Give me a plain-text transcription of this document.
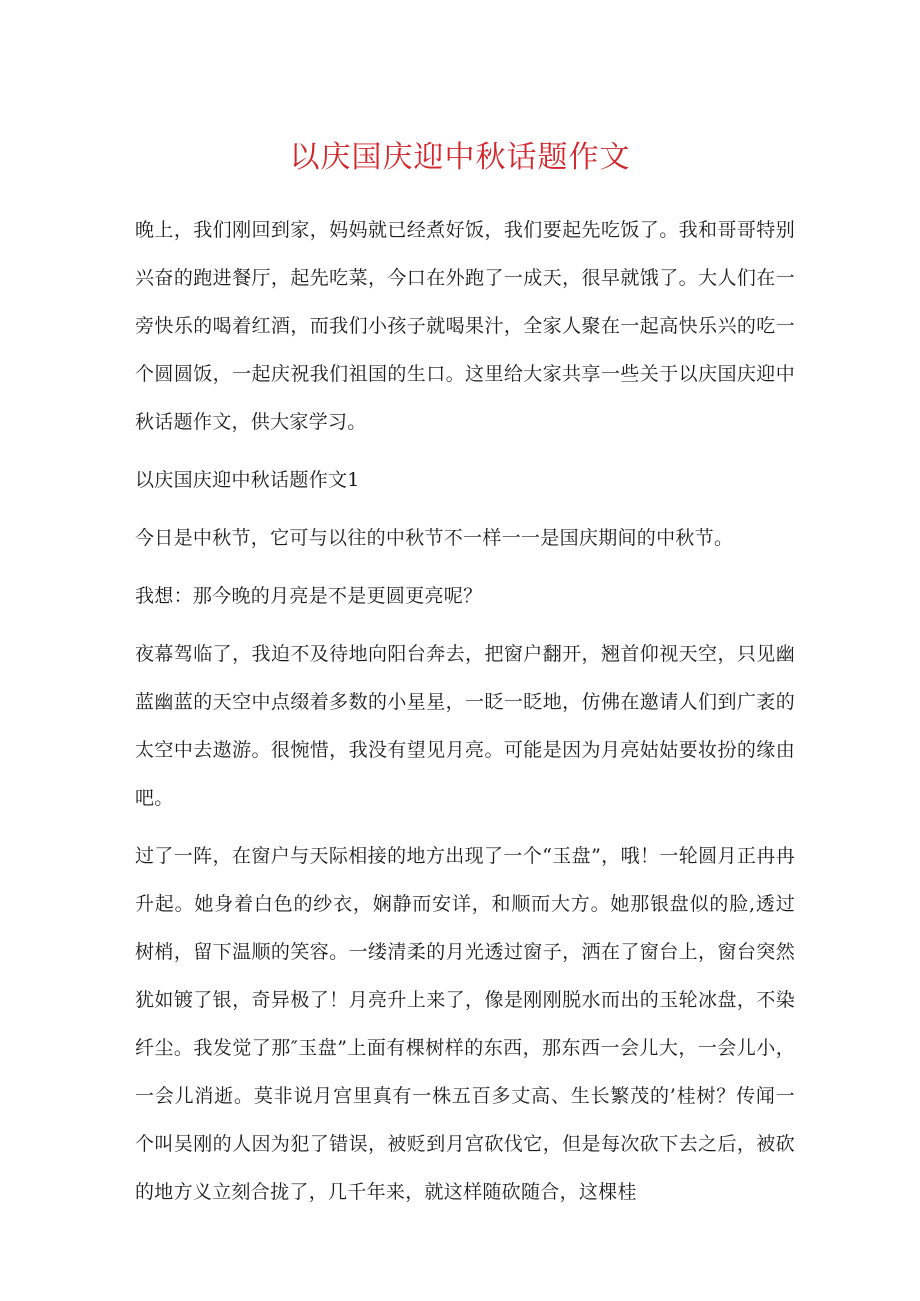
以庆国庆迎中秋话题作文

晚上，我们刚回到家，妈妈就已经煮好饭，我们要起先吃饭了。我和哥哥特别兴奋的跑进餐厅，起先吃菜，今口在外跑了一成天，很早就饿了。大人们在一旁快乐的喝着红酒，而我们小孩子就喝果汁，全家人聚在一起高快乐兴的吃一个圆圆饭，一起庆祝我们祖国的生口。这里给大家共享一些关于以庆国庆迎中秋话题作文，供大家学习。

以庆国庆迎中秋话题作文1

今日是中秋节，它可与以往的中秋节不一样一一是国庆期间的中秋节。

我想：那今晚的月亮是不是更圆更亮呢？

夜幕驾临了，我迫不及待地向阳台奔去，把窗户翻开，翘首仰视天空，只见幽蓝幽蓝的天空中点缀着多数的小星星，一眨一眨地，仿佛在邀请人们到广袤的太空中去遨游。很惋惜，我没有望见月亮。可能是因为月亮姑姑要妆扮的缘由吧。

过了一阵，在窗户与天际相接的地方出现了一个“玉盘”，哦！一轮圆月正冉冉升起。她身着白色的纱衣，娴静而安详，和顺而大方。她那银盘似的脸,透过树梢，留下温顺的笑容。一缕清柔的月光透过窗子，洒在了窗台上，窗台突然犹如镀了银，奇异极了！月亮升上来了，像是刚刚脱水而出的玉轮冰盘，不染纤尘。我发觉了那″玉盘”上面有棵树样的东西，那东西一会儿大，一会儿小，一会儿消逝。莫非说月宫里真有一株五百多丈高、生长繁茂的’桂树？传闻一个叫吴刚的人因为犯了错误，被贬到月宫砍伐它，但是每次砍下去之后，被砍的地方义立刻合拢了，几千年来，就这样随砍随合，这棵桂
